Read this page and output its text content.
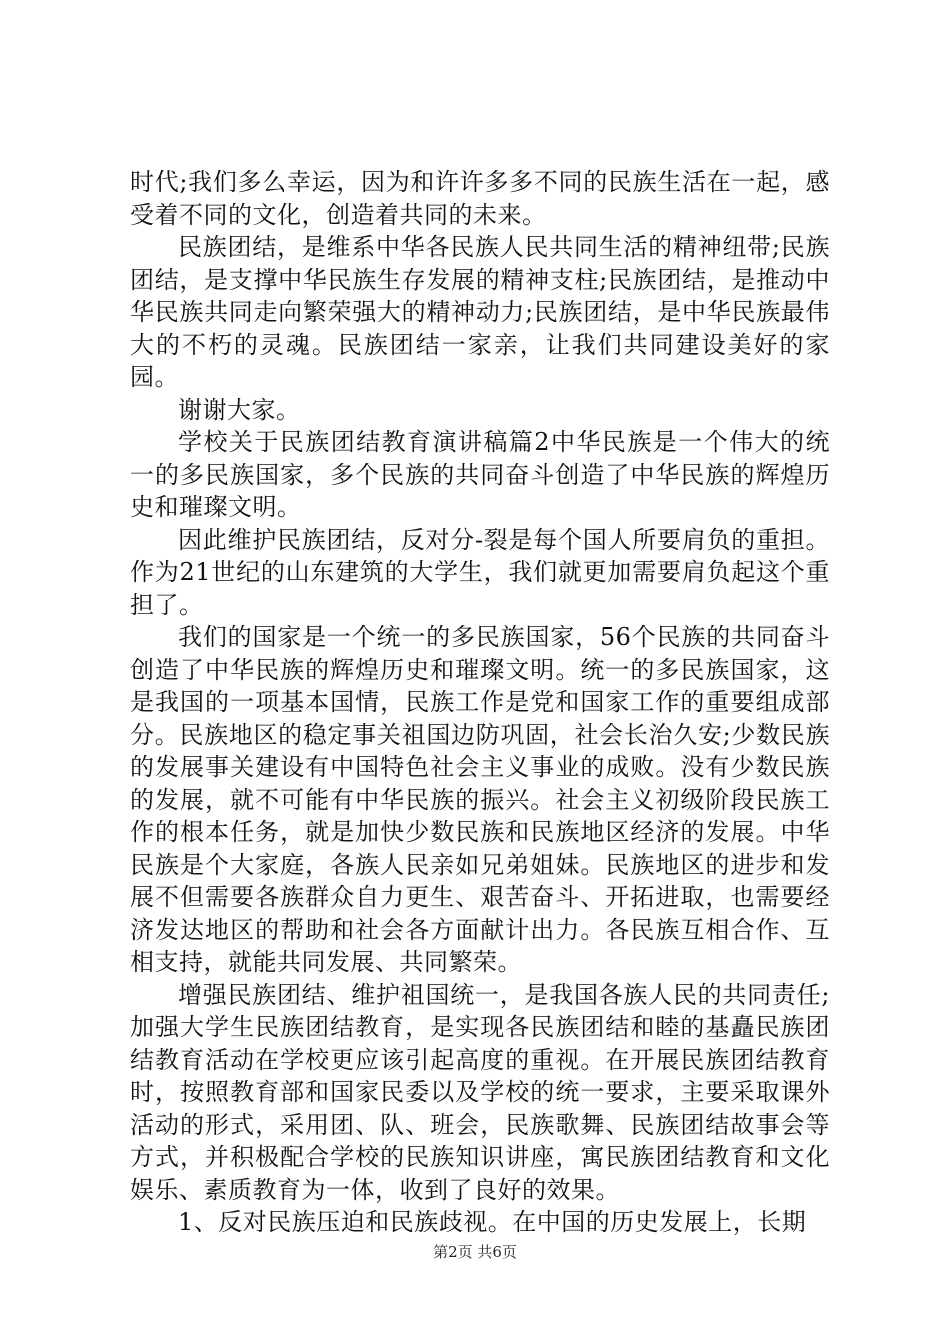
时代;我们多么幸运，因为和许许多多不同的民族生活在一起，感受着不同的文化，创造着共同的未来。

民族团结，是维系中华各民族人民共同生活的精神纽带;民族团结，是支撑中华民族生存发展的精神支柱;民族团结，是推动中华民族共同走向繁荣强大的精神动力;民族团结，是中华民族最伟大的不朽的灵魂。民族团结一家亲，让我们共同建设美好的家园。

谢谢大家。

学校关于民族团结教育演讲稿篇2中华民族是一个伟大的统一的多民族国家，多个民族的共同奋斗创造了中华民族的辉煌历史和璀璨文明。

因此维护民族团结，反对分-裂是每个国人所要肩负的重担。作为21世纪的山东建筑的大学生，我们就更加需要肩负起这个重担了。

我们的国家是一个统一的多民族国家，56个民族的共同奋斗创造了中华民族的辉煌历史和璀璨文明。统一的多民族国家，这是我国的一项基本国情，民族工作是党和国家工作的重要组成部分。民族地区的稳定事关祖国边防巩固，社会长治久安;少数民族的发展事关建设有中国特色社会主义事业的成败。没有少数民族的发展，就不可能有中华民族的振兴。社会主义初级阶段民族工作的根本任务，就是加快少数民族和民族地区经济的发展。中华民族是个大家庭，各族人民亲如兄弟姐妹。民族地区的进步和发展不但需要各族群众自力更生、艰苦奋斗、开拓进取，也需要经济发达地区的帮助和社会各方面献计出力。各民族互相合作、互相支持，就能共同发展、共同繁荣。

增强民族团结、维护祖国统一，是我国各族人民的共同责任;加强大学生民族团结教育，是实现各民族团结和睦的基矗民族团结教育活动在学校更应该引起高度的重视。在开展民族团结教育时，按照教育部和国家民委以及学校的统一要求，主要采取课外活动的形式，采用团、队、班会，民族歌舞、民族团结故事会等方式，并积极配合学校的民族知识讲座，寓民族团结教育和文化娱乐、素质教育为一体，收到了良好的效果。

1、反对民族压迫和民族歧视。在中国的历史发展上，长期

第2页 共6页
